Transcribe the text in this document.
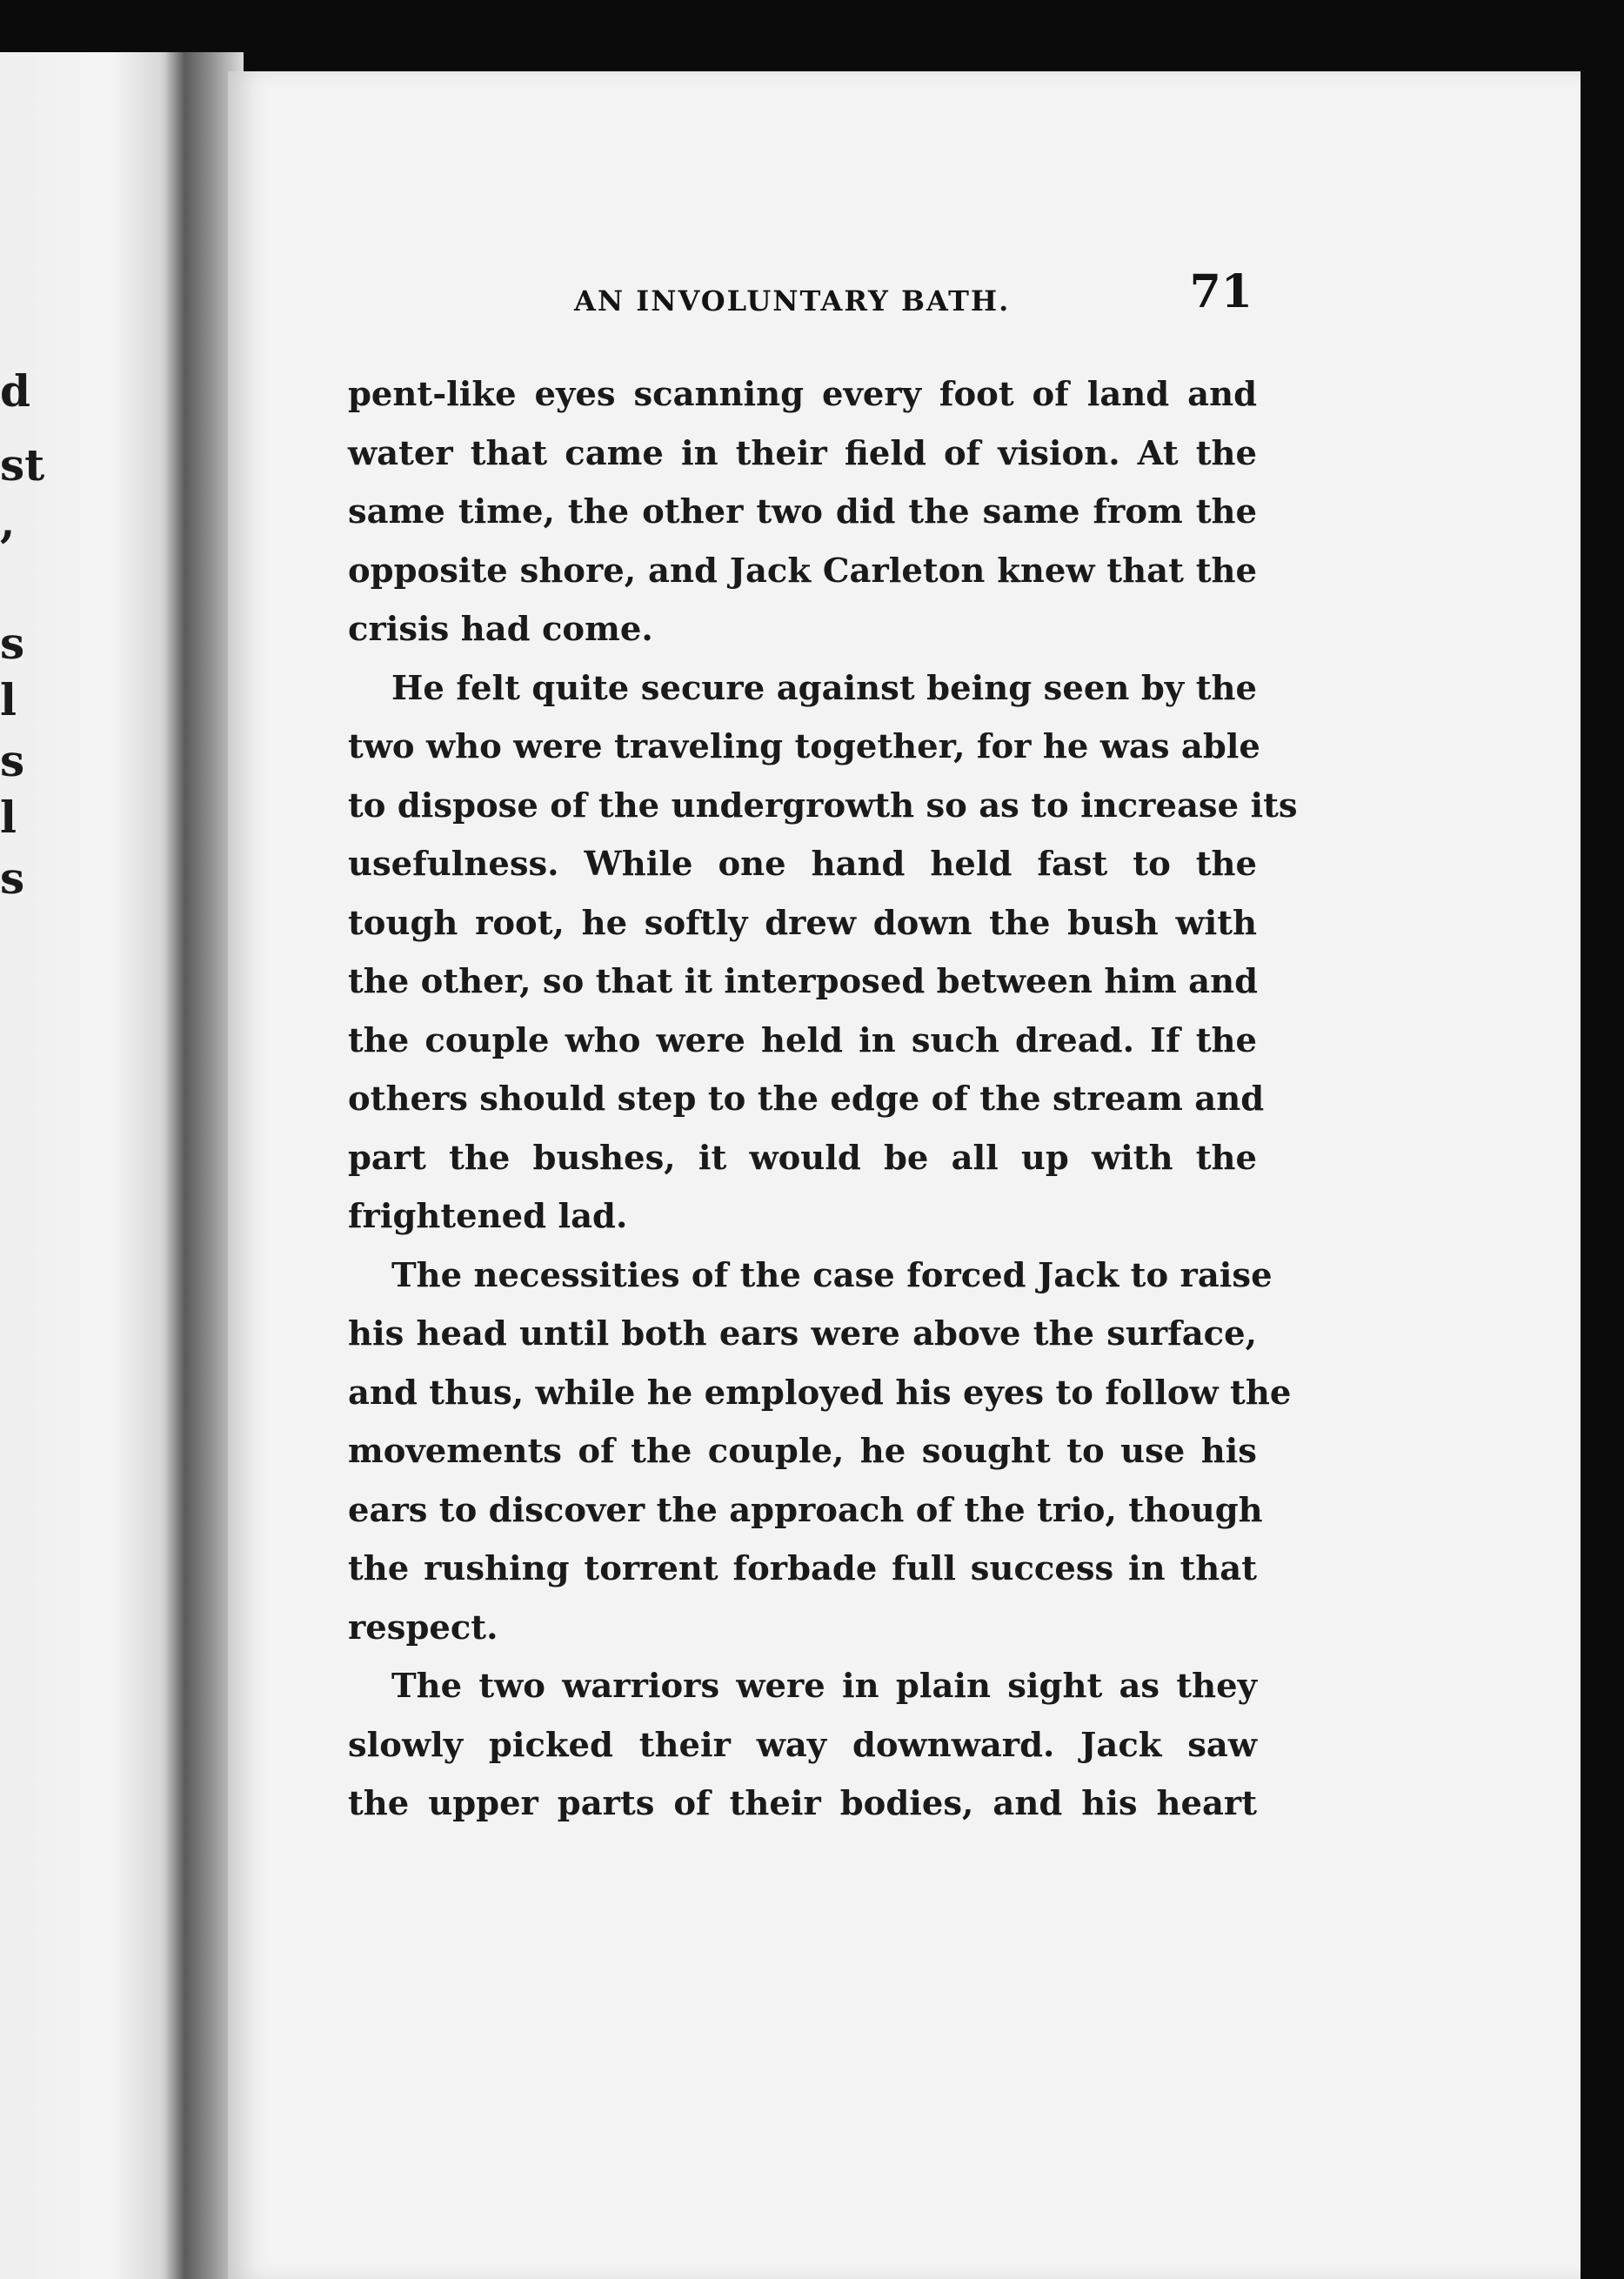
d
st
,
s
l
s
l
s
AN INVOLUNTARY BATH.	71
pent-like eyes scanning every foot of land and
water that came in their field of vision. At the
same time, the other two did the same from the
opposite shore, and Jack Carleton knew that the
crisis had come.
He felt quite secure against being seen by the
two who were traveling together, for he was able
to dispose of the undergrowth so as to increase its
usefulness. While one hand held fast to the
tough root, he softly drew down the bush with
the other, so that it interposed between him and
the couple who were held in such dread. If the
others should step to the edge of the stream and
part the bushes, it would be all up with the
frightened lad.
The necessities of the case forced Jack to raise
his head until both ears were above the surface,
and thus, while he employed his eyes to follow the
movements of the couple, he sought to use his
ears to discover the approach of the trio, though
the rushing torrent forbade full success in that
respect.
The two warriors were in plain sight as they
slowly picked their way downward. Jack saw
the upper parts of their bodies, and his heart
